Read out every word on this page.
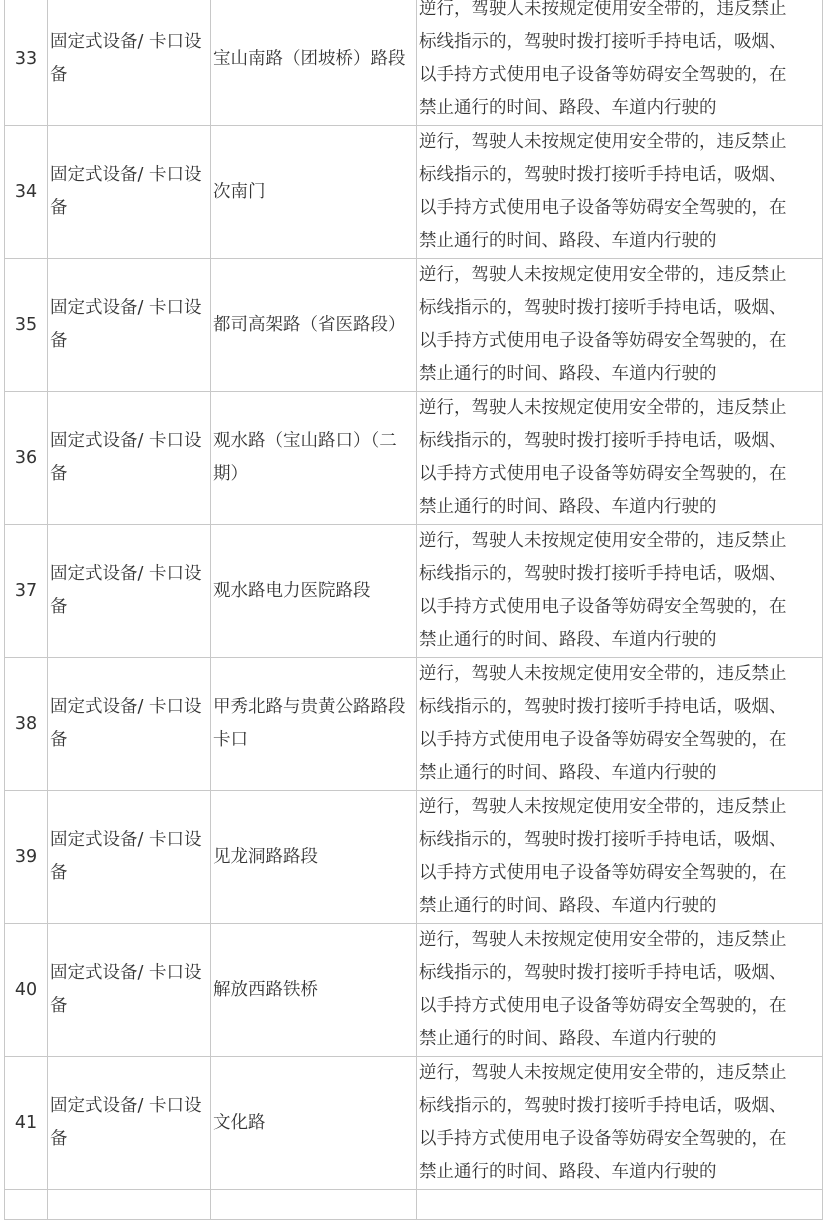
33	固定式设备/ 卡口设备	宝山南路（团坡桥）路段	逆行，驾驶人未按规定使用安全带的，违反禁止
标线指示的，驾驶时拨打接听手持电话，吸烟、
以手持方式使用电子设备等妨碍安全驾驶的，在
禁止通行的时间、路段、车道内行驶的

34	固定式设备/ 卡口设备	次南门	逆行，驾驶人未按规定使用安全带的，违反禁止
标线指示的，驾驶时拨打接听手持电话，吸烟、
以手持方式使用电子设备等妨碍安全驾驶的，在
禁止通行的时间、路段、车道内行驶的

35	固定式设备/ 卡口设备	都司高架路（省医路段）	逆行，驾驶人未按规定使用安全带的，违反禁止
标线指示的，驾驶时拨打接听手持电话，吸烟、
以手持方式使用电子设备等妨碍安全驾驶的，在
禁止通行的时间、路段、车道内行驶的

36	固定式设备/ 卡口设备	观水路（宝山路口）（二期）	逆行，驾驶人未按规定使用安全带的，违反禁止
标线指示的，驾驶时拨打接听手持电话，吸烟、
以手持方式使用电子设备等妨碍安全驾驶的，在
禁止通行的时间、路段、车道内行驶的

37	固定式设备/ 卡口设备	观水路电力医院路段	逆行，驾驶人未按规定使用安全带的，违反禁止
标线指示的，驾驶时拨打接听手持电话，吸烟、
以手持方式使用电子设备等妨碍安全驾驶的，在
禁止通行的时间、路段、车道内行驶的

38	固定式设备/ 卡口设备	甲秀北路与贵黄公路路段卡口	逆行，驾驶人未按规定使用安全带的，违反禁止
标线指示的，驾驶时拨打接听手持电话，吸烟、
以手持方式使用电子设备等妨碍安全驾驶的，在
禁止通行的时间、路段、车道内行驶的

39	固定式设备/ 卡口设备	见龙洞路路段	逆行，驾驶人未按规定使用安全带的，违反禁止
标线指示的，驾驶时拨打接听手持电话，吸烟、
以手持方式使用电子设备等妨碍安全驾驶的，在
禁止通行的时间、路段、车道内行驶的

40	固定式设备/ 卡口设备	解放西路铁桥	逆行，驾驶人未按规定使用安全带的，违反禁止
标线指示的，驾驶时拨打接听手持电话，吸烟、
以手持方式使用电子设备等妨碍安全驾驶的，在
禁止通行的时间、路段、车道内行驶的

41	固定式设备/ 卡口设备	文化路	逆行，驾驶人未按规定使用安全带的，违反禁止
标线指示的，驾驶时拨打接听手持电话，吸烟、
以手持方式使用电子设备等妨碍安全驾驶的，在
禁止通行的时间、路段、车道内行驶的
